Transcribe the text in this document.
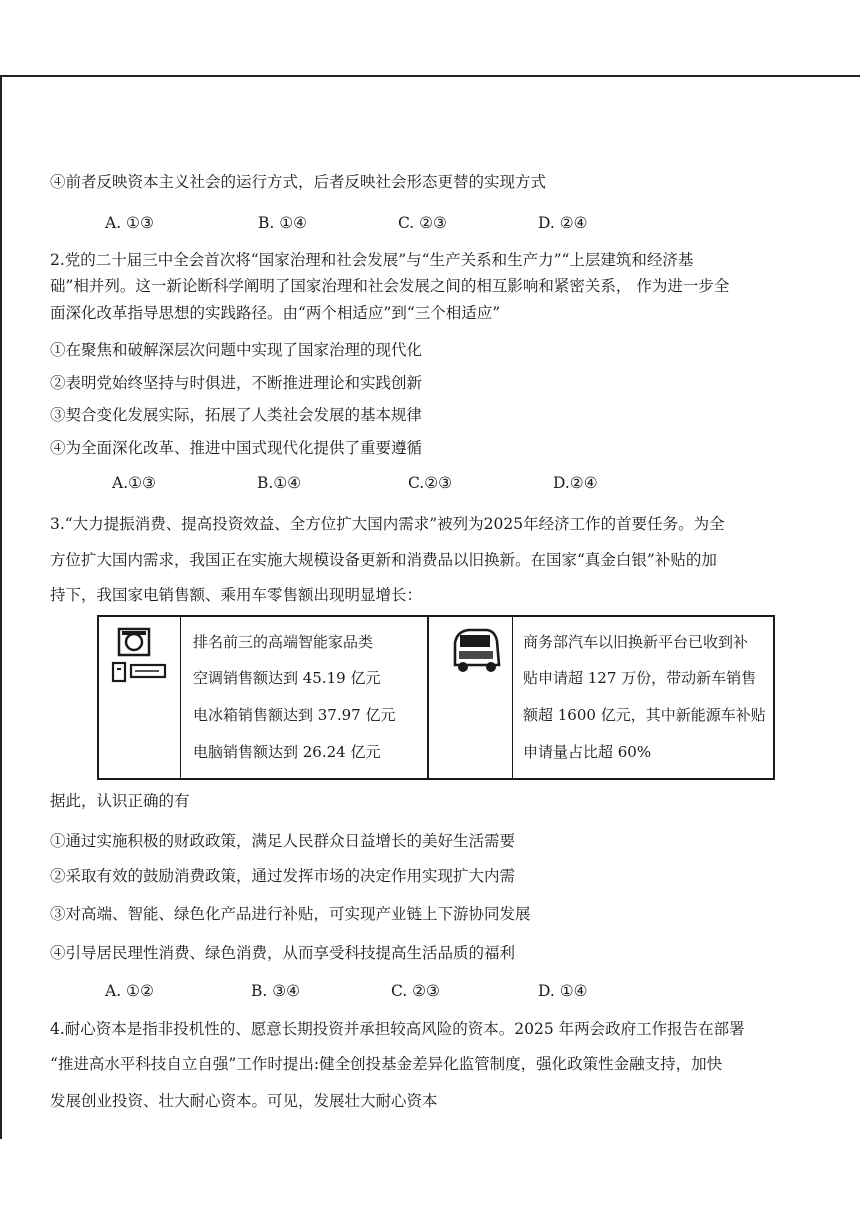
④前者反映资本主义社会的运行方式，后者反映社会形态更替的实现方式
A. ①③	B. ①④	C. ②③	D. ②④
2.党的二十届三中全会首次将“国家治理和社会发展”与“生产关系和生产力”“上层建筑和经济基
础”相并列。这一新论断科学阐明了国家治理和社会发展之间的相互影响和紧密关系， 作为进一步全
面深化改革指导思想的实践路径。由“两个相适应”到“三个相适应”
①在聚焦和破解深层次问题中实现了国家治理的现代化
②表明党始终坚持与时俱进，不断推进理论和实践创新
③契合变化发展实际，拓展了人类社会发展的基本规律
④为全面深化改革、推进中国式现代化提供了重要遵循
A.①③	B.①④	C.②③	D.②④
3.“大力提振消费、提高投资效益、全方位扩大国内需求”被列为2025年经济工作的首要任务。为全
方位扩大国内需求，我国正在实施大规模设备更新和消费品以旧换新。在国家“真金白银”补贴的加
持下，我国家电销售额、乘用车零售额出现明显增长：
排名前三的高端智能家品类
空调销售额达到 45.19 亿元
电冰箱销售额达到 37.97 亿元
电脑销售额达到 26.24 亿元
商务部汽车以旧换新平台已收到补
贴申请超 127 万份，带动新车销售
额超 1600 亿元，其中新能源车补贴
申请量占比超 60%
据此，认识正确的有
①通过实施积极的财政政策，满足人民群众日益增长的美好生活需要
②采取有效的鼓励消费政策，通过发挥市场的决定作用实现扩大内需
③对高端、智能、绿色化产品进行补贴，可实现产业链上下游协同发展
④引导居民理性消费、绿色消费，从而享受科技提高生活品质的福利
A. ①②	B. ③④	C. ②③	D. ①④
4.耐心资本是指非投机性的、愿意长期投资并承担较高风险的资本。2025 年两会政府工作报告在部署
“推进高水平科技自立自强”工作时提出:健全创投基金差异化监管制度，强化政策性金融支持，加快
发展创业投资、壮大耐心资本。可见，发展壮大耐心资本
